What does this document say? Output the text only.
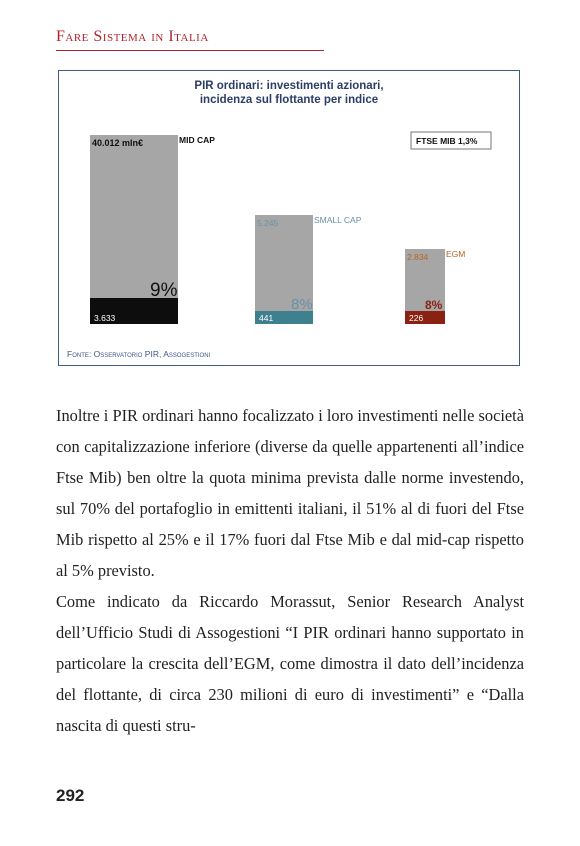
Fare Sistema in Italia
PIR ordinari: investimenti azionari,
incidenza sul flottante per indice
40.012 mln€	MID CAP
3.633
9%
5.245	SMALL CAP
441
8%
2.834 EGM
226
8%
FTSE MIB 1,3%
Fonte: Osservatorio PIR, Assogestioni

Inoltre i PIR ordinari hanno focalizzato i loro investimenti nelle società con capitalizzazione inferiore (diverse da quelle appartenenti all’indice Ftse Mib) ben oltre la quota minima prevista dalle norme investendo, sul 70% del portafoglio in emittenti italiani, il 51% al di fuori del Ftse Mib rispetto al 25% e il 17% fuori dal Ftse Mib e dal mid-cap rispetto al 5% previsto.

Come indicato da Riccardo Morassut, Senior Research Analyst dell’Ufficio Studi di Assogestioni “I PIR ordinari hanno supportato in particolare la crescita dell’EGM, come dimostra il dato dell’incidenza del flottante, di circa 230 milioni di euro di investimenti” e “Dalla nascita di questi stru-

292
